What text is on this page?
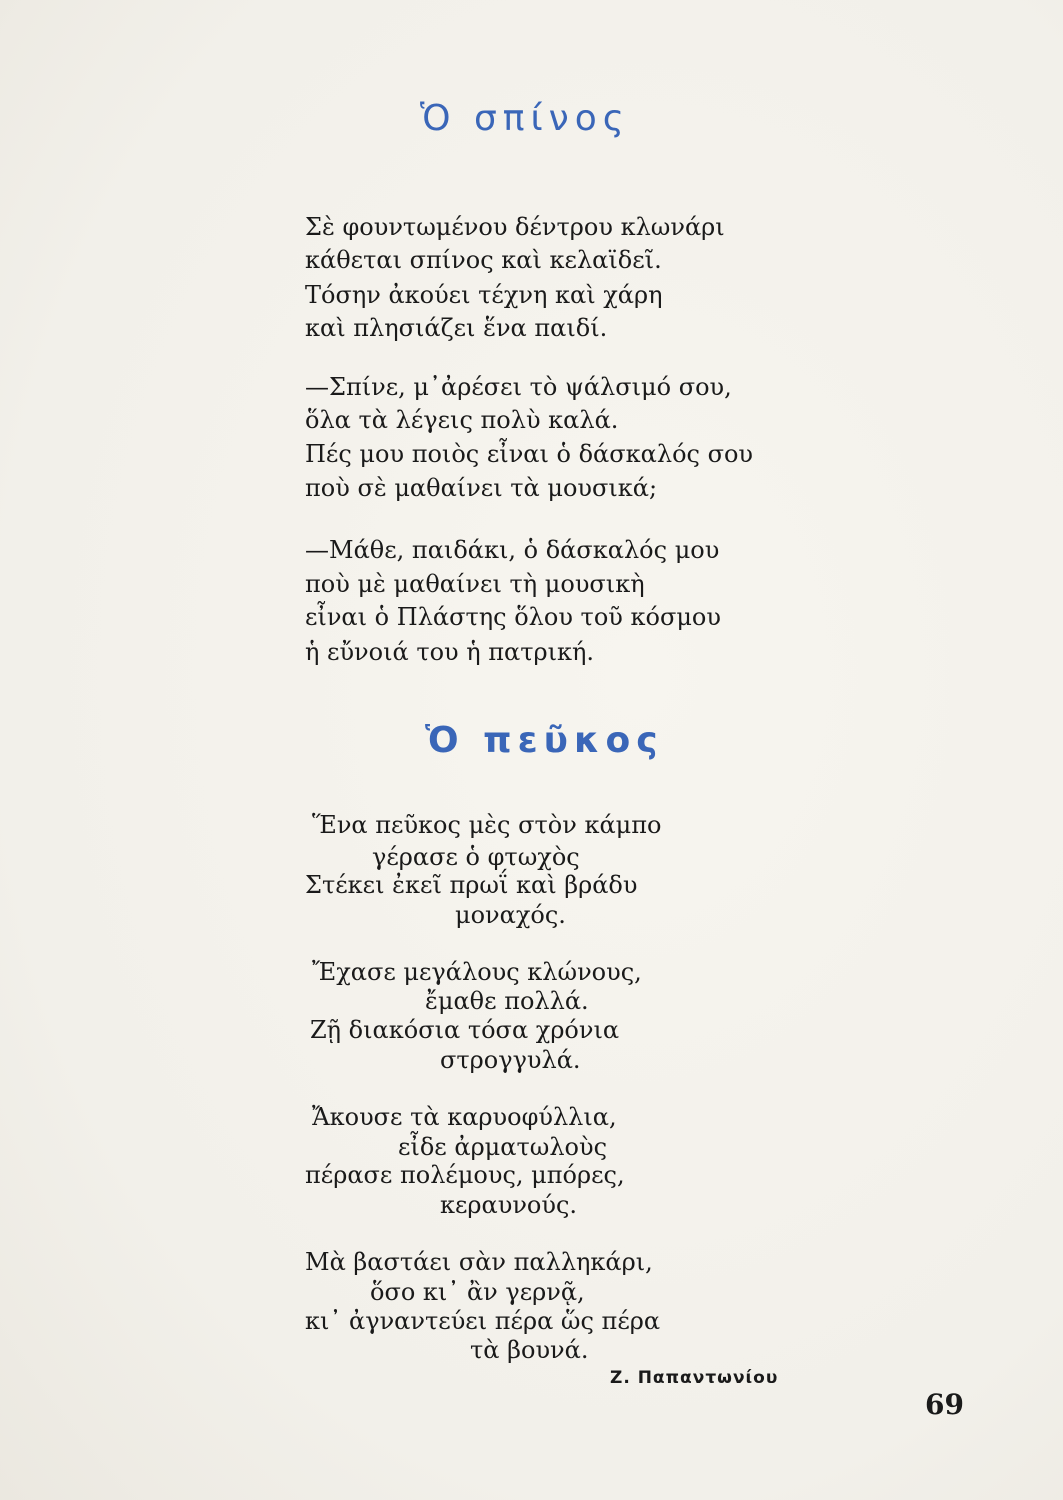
Ὁ σπίνος
Σὲ φουντωμένου δέντρου κλωνάρι
κάθεται σπίνος καὶ κελαϊδεῖ.
Τόσην ἀκούει τέχνη καὶ χάρη
καὶ πλησιάζει ἕνα παιδί.
—Σπίνε, μ᾿ἀρέσει τὸ ψάλσιμό σου,
ὅλα τὰ λέγεις πολὺ καλά.
Πές μου ποιὸς εἶναι ὁ δάσκαλός σου
ποὺ σὲ μαθαίνει τὰ μουσικά;
—Μάθε, παιδάκι, ὁ δάσκαλός μου
ποὺ μὲ μαθαίνει τὴ μουσικὴ
εἶναι ὁ Πλάστης ὅλου τοῦ κόσμου
ἡ εὔνοιά του ἡ πατρική.
Ὁ πεῦκος
Ἕνα πεῦκος μὲς στὸν κάμπο
γέρασε ὁ φτωχὸς
Στέκει ἐκεῖ πρωΐ καὶ βράδυ
μοναχός.
Ἔχασε μεγάλους κλώνους,
ἔμαθε πολλά.
Ζῇ διακόσια τόσα χρόνια
στρογγυλά.
Ἄκουσε τὰ καρυοφύλλια,
εἶδε ἀρματωλοὺς
πέρασε πολέμους, μπόρες,
κεραυνούς.
Μὰ βαστάει σὰν παλληκάρι,
ὅσο κι᾿ ἂν γερνᾷ,
κι᾿ ἀγναντεύει πέρα ὥς πέρα
τὰ βουνά.
Ζ. Παπαντωνίου
69
